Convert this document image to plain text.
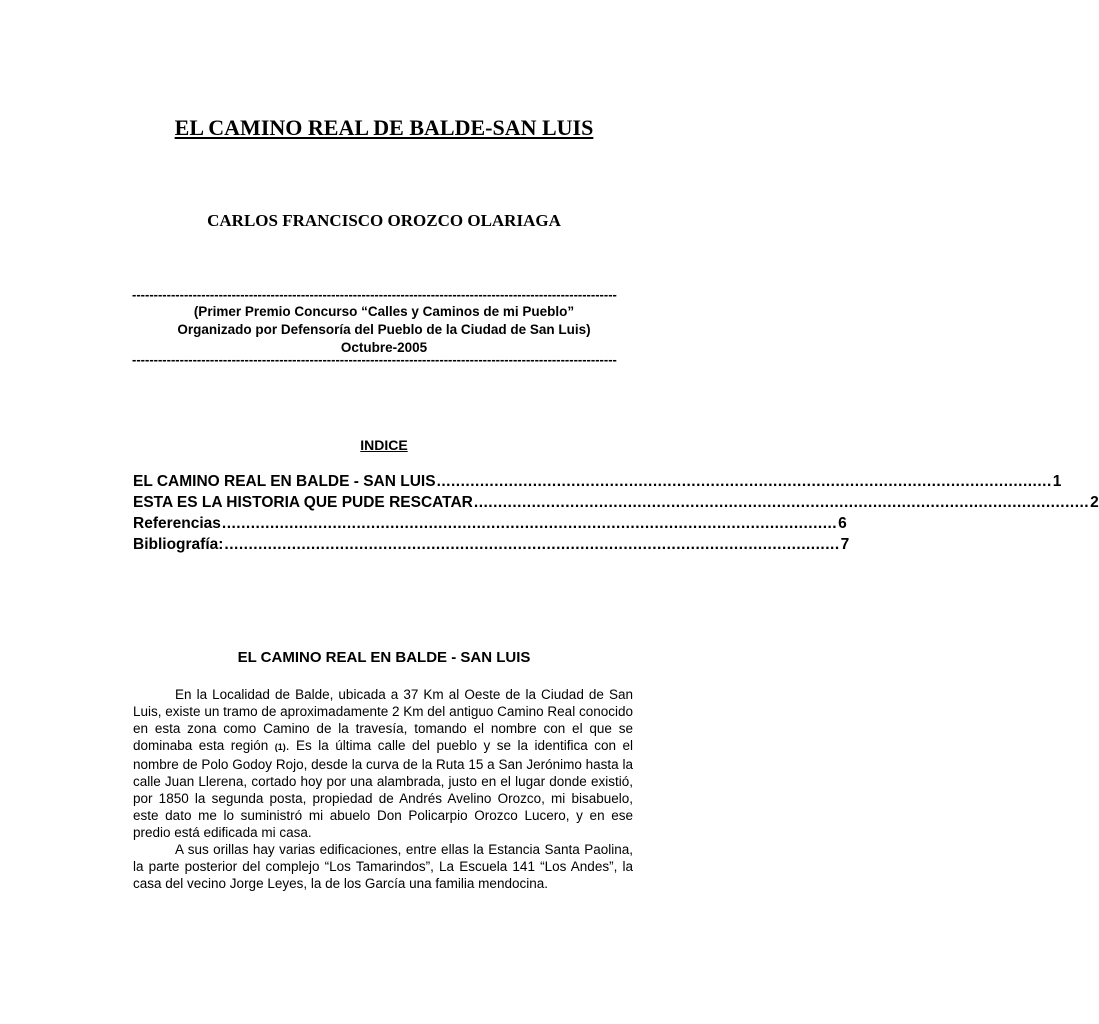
EL CAMINO REAL DE BALDE-SAN LUIS
CARLOS FRANCISCO OROZCO OLARIAGA
----------------------------------------------------------------------------------------------------------------
(Primer Premio Concurso “Calles y Caminos de mi Pueblo”
Organizado por Defensoría del Pueblo de la Ciudad de San Luis)
Octubre-2005
----------------------------------------------------------------------------------------------------------------
INDICE
EL CAMINO REAL EN BALDE - SAN LUIS ................................................................................................................................ 1
ESTA ES LA HISTORIA QUE PUDE RESCATAR ................................................................................................................................ 2
Referencias ................................................................................................................................ 6
Bibliografía: ................................................................................................................................ 7
EL CAMINO REAL EN BALDE - SAN LUIS

En la Localidad de Balde, ubicada a 37 Km al Oeste de la Ciudad de San Luis, existe un tramo de aproximadamente 2 Km del antiguo Camino Real conocido en esta zona como Camino de la travesía, tomando el nombre con el que se dominaba esta región (1). Es la última calle del pueblo y se la identifica con el nombre de Polo Godoy Rojo, desde la curva de la Ruta 15 a San Jerónimo hasta la calle Juan Llerena, cortado hoy por una alambrada, justo en el lugar donde existió, por 1850 la segunda posta, propiedad de Andrés Avelino Orozco, mi bisabuelo, este dato me lo suministró mi abuelo Don Policarpio Orozco Lucero, y en ese predio está edificada mi casa.

A sus orillas hay varias edificaciones, entre ellas la Estancia Santa Paolina, la parte posterior del complejo “Los Tamarindos”, La Escuela 141 “Los Andes”, la casa del vecino Jorge Leyes, la de los García una familia mendocina.
